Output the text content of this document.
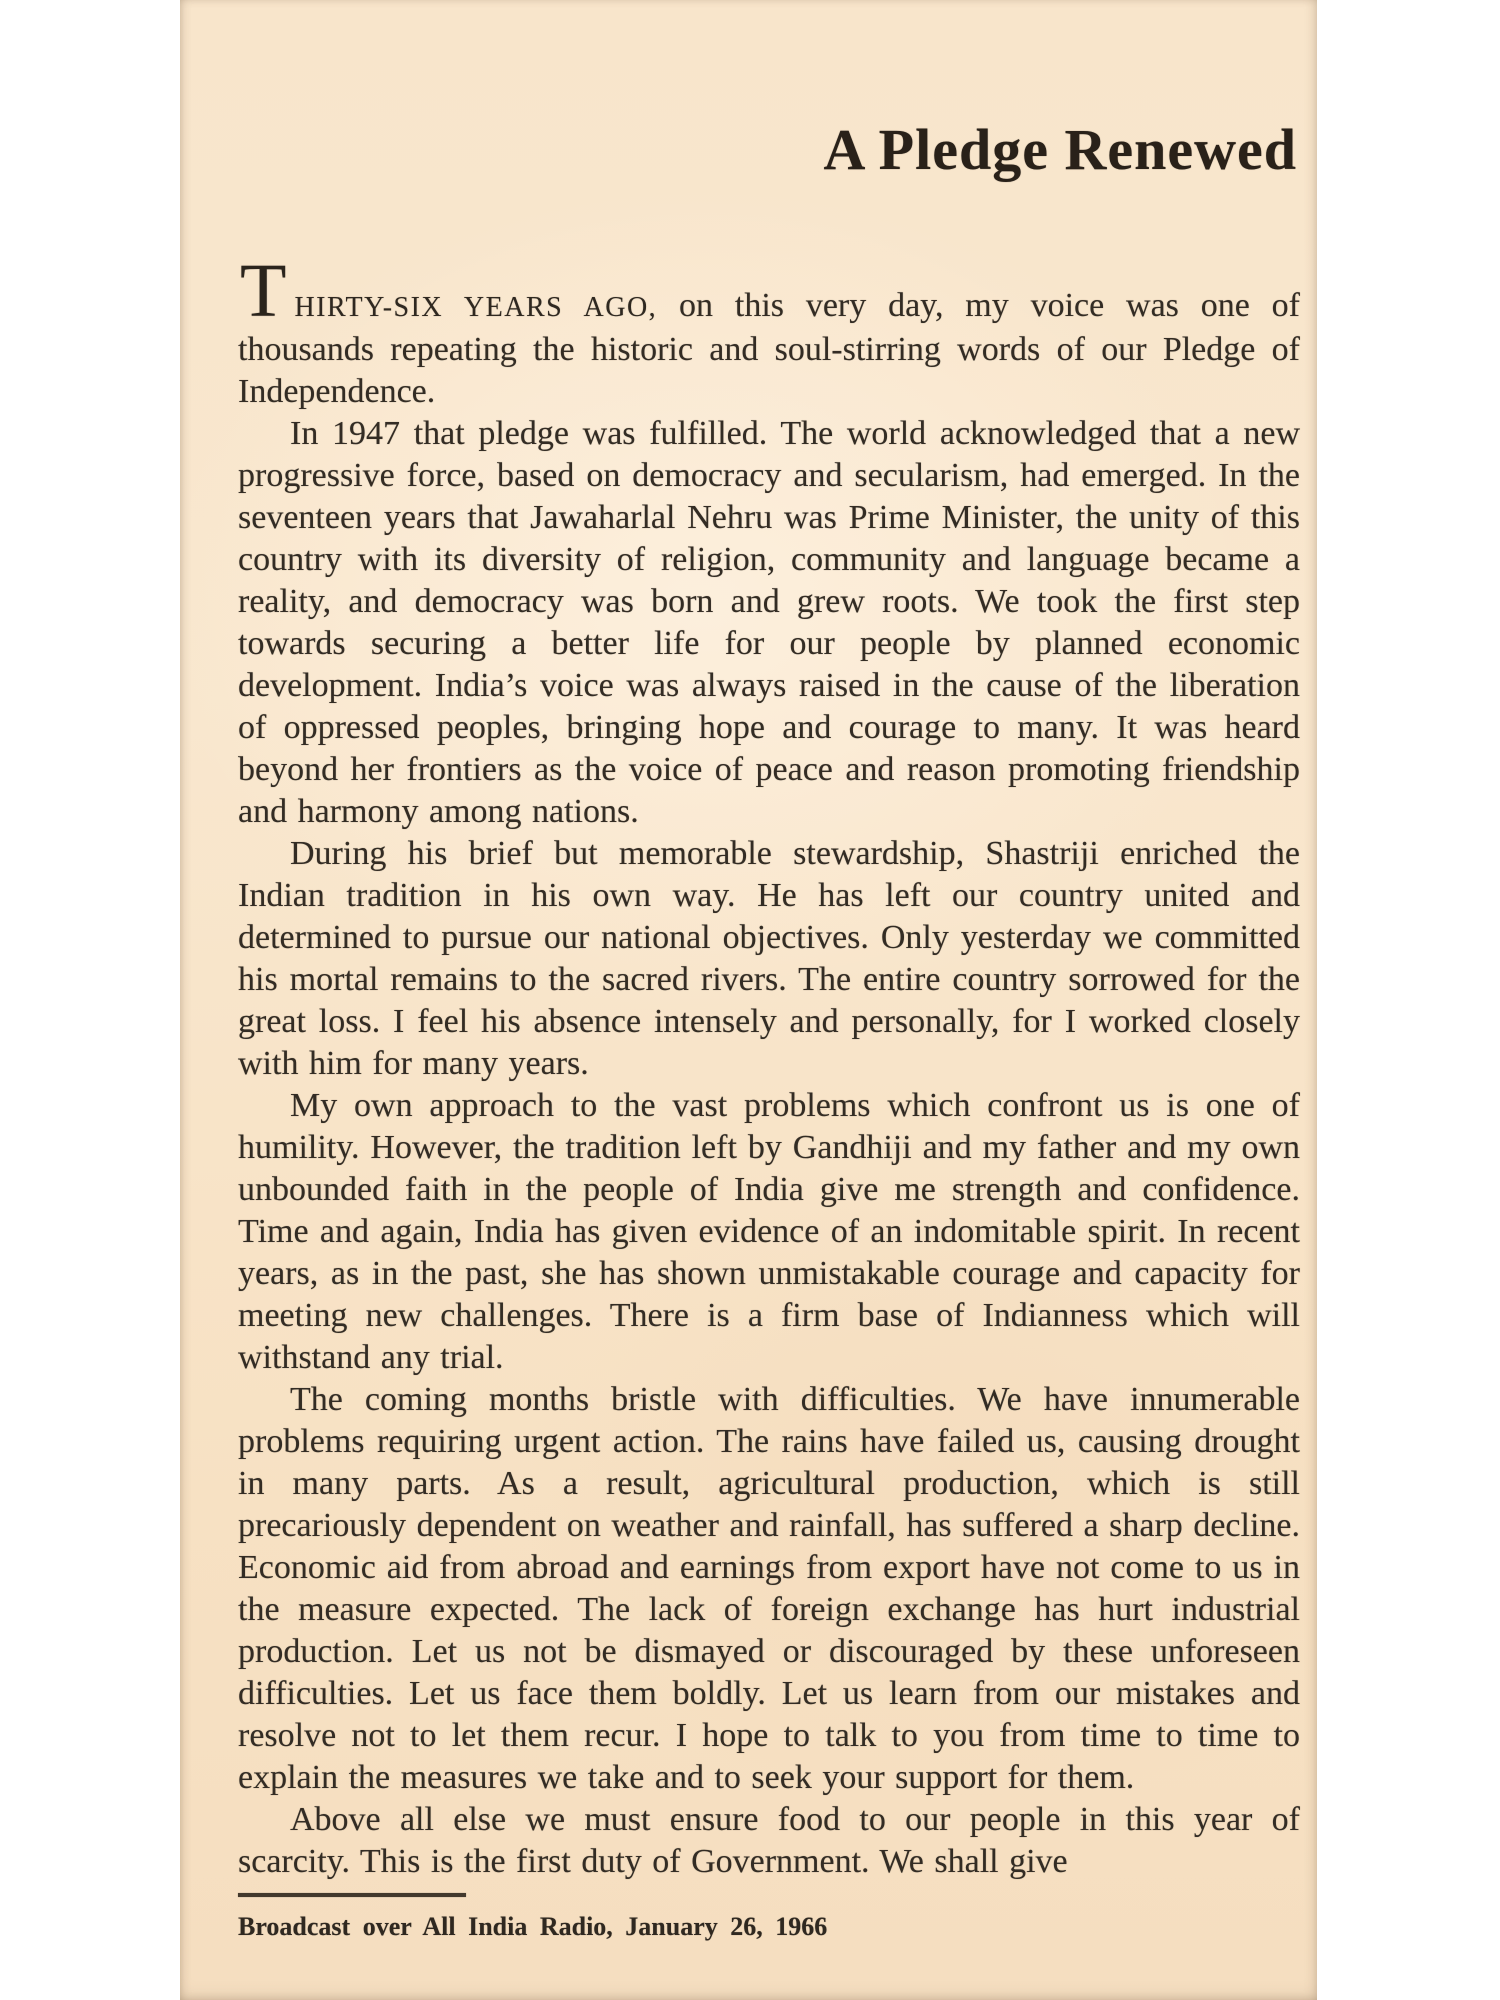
A Pledge Renewed

THIRTY-SIX YEARS AGO, on this very day, my voice was one of thousands repeating the historic and soul-stirring words of our Pledge of Independence.

In 1947 that pledge was fulfilled. The world acknowledged that a new progressive force, based on democracy and secularism, had emerged. In the seventeen years that Jawaharlal Nehru was Prime Minister, the unity of this country with its diversity of religion, community and language became a reality, and democracy was born and grew roots. We took the first step towards securing a better life for our people by planned economic development. India’s voice was always raised in the cause of the liberation of oppressed peoples, bringing hope and courage to many. It was heard beyond her frontiers as the voice of peace and reason promoting friendship and harmony among nations.

During his brief but memorable stewardship, Shastriji enriched the Indian tradition in his own way. He has left our country united and determined to pursue our national objectives. Only yesterday we committed his mortal remains to the sacred rivers. The entire country sorrowed for the great loss. I feel his absence intensely and personally, for I worked closely with him for many years.

My own approach to the vast problems which confront us is one of humility. However, the tradition left by Gandhiji and my father and my own unbounded faith in the people of India give me strength and confidence. Time and again, India has given evidence of an indomitable spirit. In recent years, as in the past, she has shown unmistakable courage and capacity for meeting new challenges. There is a firm base of Indianness which will withstand any trial.

The coming months bristle with difficulties. We have innumerable problems requiring urgent action. The rains have failed us, causing drought in many parts. As a result, agricultural production, which is still precariously dependent on weather and rainfall, has suffered a sharp decline. Economic aid from abroad and earnings from export have not come to us in the measure expected. The lack of foreign exchange has hurt industrial production. Let us not be dismayed or discouraged by these unforeseen difficulties. Let us face them boldly. Let us learn from our mistakes and resolve not to let them recur. I hope to talk to you from time to time to explain the measures we take and to seek your support for them.

Above all else we must ensure food to our people in this year of scarcity. This is the first duty of Government. We shall give

Broadcast over All India Radio, January 26, 1966
